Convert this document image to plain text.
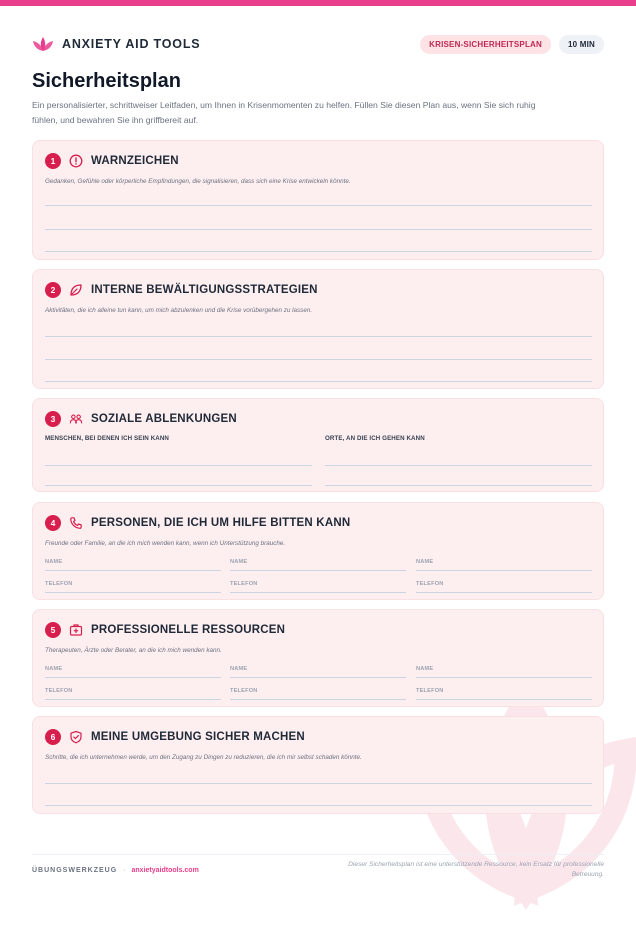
ANXIETY AID TOOLS	KRISEN-SICHERHEITSPLAN	10 MIN
Sicherheitsplan

Ein personalisierter, schrittweiser Leitfaden, um Ihnen in Krisenmomenten zu helfen. Füllen Sie diesen Plan aus, wenn Sie sich ruhig fühlen, und bewahren Sie ihn griffbereit auf.

1	WARNZEICHEN
Gedanken, Gefühle oder körperliche Empfindungen, die signalisieren, dass sich eine Krise entwickeln könnte.
2	INTERNE BEWÄLTIGUNGSSTRATEGIEN
Aktivitäten, die ich alleine tun kann, um mich abzulenken und die Krise vorübergehen zu lassen.
3	SOZIALE ABLENKUNGEN
MENSCHEN, BEI DENEN ICH SEIN KANN	ORTE, AN DIE ICH GEHEN KANN
4	PERSONEN, DIE ICH UM HILFE BITTEN KANN
Freunde oder Familie, an die ich mich wenden kann, wenn ich Unterstützung brauche.
NAME	NAME	NAME
TELEFON	TELEFON	TELEFON
5	PROFESSIONELLE RESSOURCEN
Therapeuten, Ärzte oder Berater, an die ich mich wenden kann.
NAME	NAME	NAME
TELEFON	TELEFON	TELEFON
6	MEINE UMGEBUNG SICHER MACHEN
Schritte, die ich unternehmen werde, um den Zugang zu Dingen zu reduzieren, die ich mir selbst schaden könnte.
ÜBUNGSWERKZEUG · anxietyaidtools.com
Dieser Sicherheitsplan ist eine unterstützende Ressource, kein Ersatz für professionelle Betreuung.
